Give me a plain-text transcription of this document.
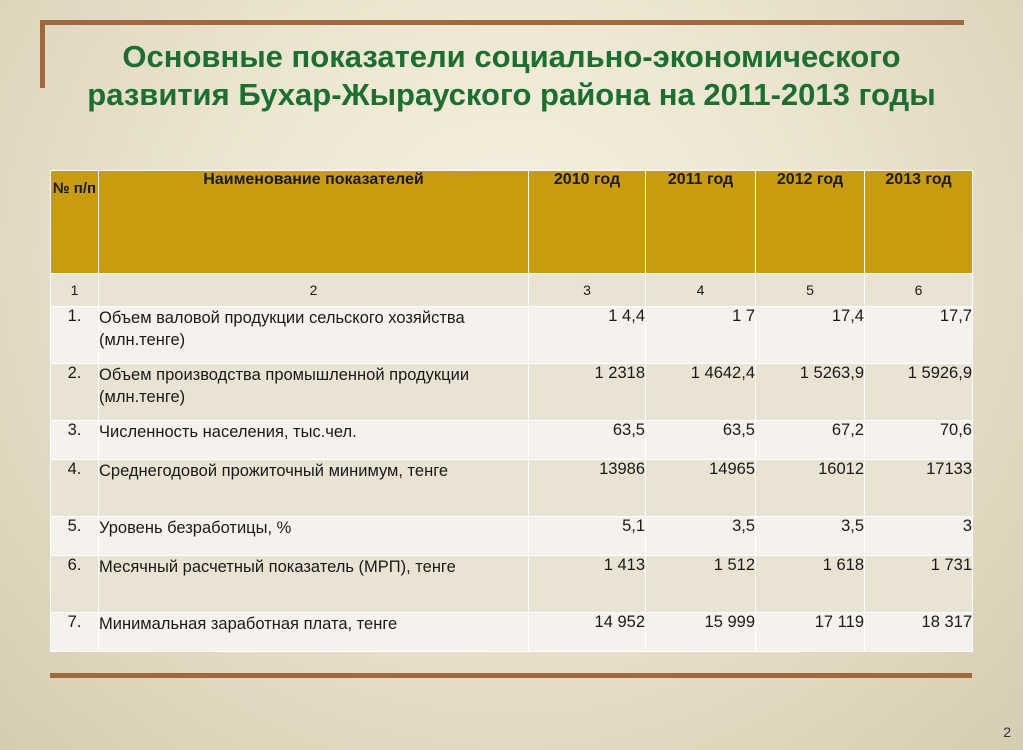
Основные показатели социально-экономического развития Бухар-Жырауского района на 2011-2013 годы
№ п/п	Наименование показателей	2010 год	2011 год	2012 год	2013 год
1	2	3	4	5	6
1.	Объем валовой продукции сельского хозяйства (млн.тенге)	1 4,4	1 7	17,4	17,7
2.	Объем производства промышленной продукции (млн.тенге)	1 2318	1 4642,4	1 5263,9	1 5926,9
3.	Численность населения, тыс.чел.	63,5	63,5	67,2	70,6
4.	Среднегодовой прожиточный минимум, тенге	13986	14965	16012	17133
5.	Уровень безработицы, %	5,1	3,5	3,5	3
6.	Месячный расчетный показатель (МРП), тенге	1 413	1 512	1 618	1 731
7.	Минимальная заработная плата, тенге	14 952	15 999	17 119	18 317
2
